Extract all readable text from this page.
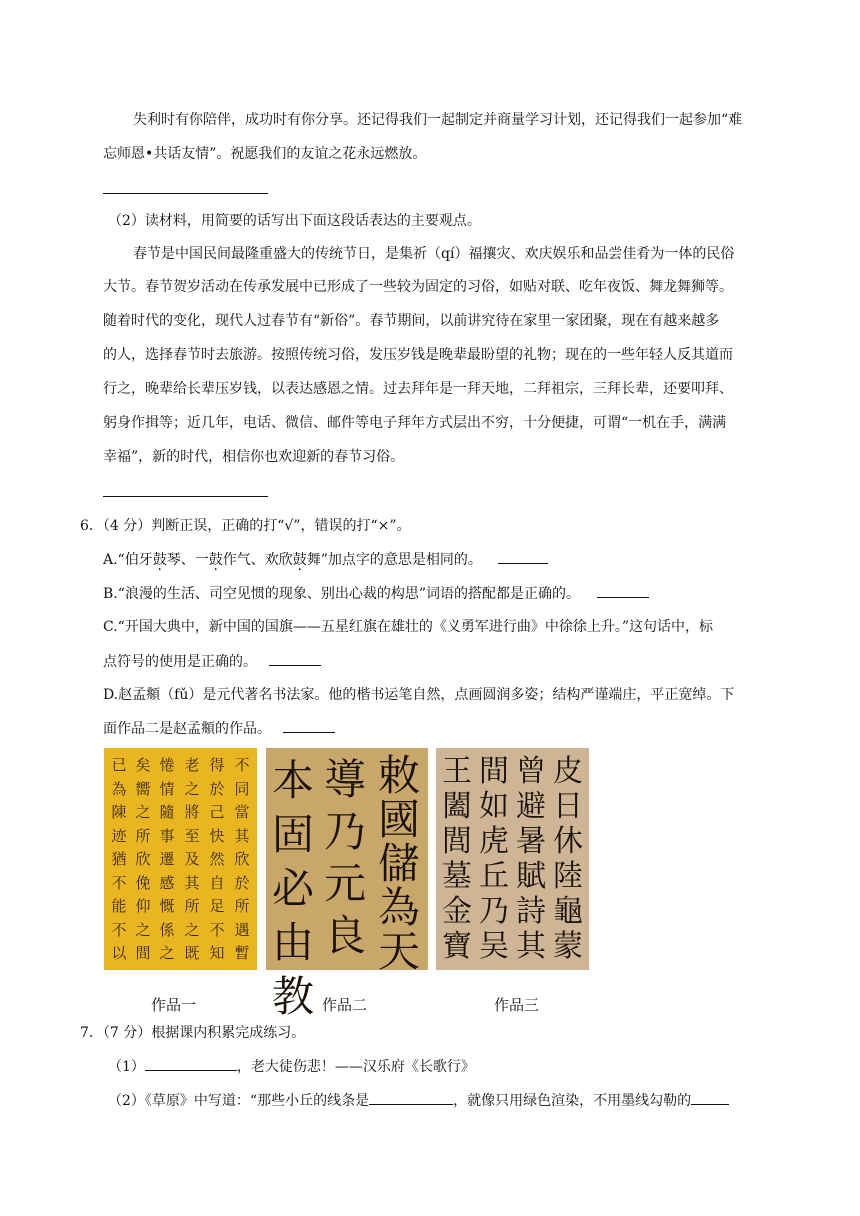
失利时有你陪伴，成功时有你分享。还记得我们一起制定并商量学习计划，还记得我们一起参加“难
忘师恩•共话友情”。祝愿我们的友谊之花永远燃放。
（2）读材料，用简要的话写出下面这段话表达的主要观点。
春节是中国民间最隆重盛大的传统节日，是集祈（qí）福攘灾、欢庆娱乐和品尝佳肴为一体的民俗
大节。春节贺岁活动在传承发展中已形成了一些较为固定的习俗，如贴对联、吃年夜饭、舞龙舞狮等。
随着时代的变化，现代人过春节有“新俗”。春节期间，以前讲究待在家里一家团聚，现在有越来越多
的人，选择春节时去旅游。按照传统习俗，发压岁钱是晚辈最盼望的礼物；现在的一些年轻人反其道而
行之，晚辈给长辈压岁钱，以表达感恩之情。过去拜年是一拜天地，二拜祖宗，三拜长辈，还要叩拜、
躬身作揖等；近几年，电话、微信、邮件等电子拜年方式层出不穷，十分便捷，可谓“一机在手，满满
幸福”，新的时代，相信你也欢迎新的春节习俗。
6．（4 分）判断正误，正确的打“√”，错误的打“×”。
A.“伯牙鼓琴、一鼓作气、欢欣鼓舞”加点字的意思是相同的。
B.“浪漫的生活、司空见惯的现象、别出心裁的构思”词语的搭配都是正确的。
C.“开国大典中，新中国的国旗——五星红旗在雄壮的《义勇军进行曲》中徐徐上升。”这句话中，标
点符号的使用是正确的。
D.赵孟頫（fǔ）是元代著名书法家。他的楷书运笔自然，点画圆润多姿；结构严谨端庄，平正宽绰。下
面作品二是赵孟頫的作品。
不同當其欣於所遇暫
得於己快然自足不知
老之將至及其所之既
惓情隨事遷感慨係之
矣嚮之所欣俛仰之間
已為陳迹猶不能不以
敕國儲為天
導乃元良
本固必由教
皮日休陸龜蒙
曾避暑賦詩其
間如虎丘乃吴
王闔閭墓金寶
作品一	作品二	作品三
7．（7 分）根据课内积累完成练习。
（1）	，老大徒伤悲！——汉乐府《长歌行》
（2）《草原》中写道：“那些小丘的线条是	，就像只用绿色渲染，不用墨线勾勒的
